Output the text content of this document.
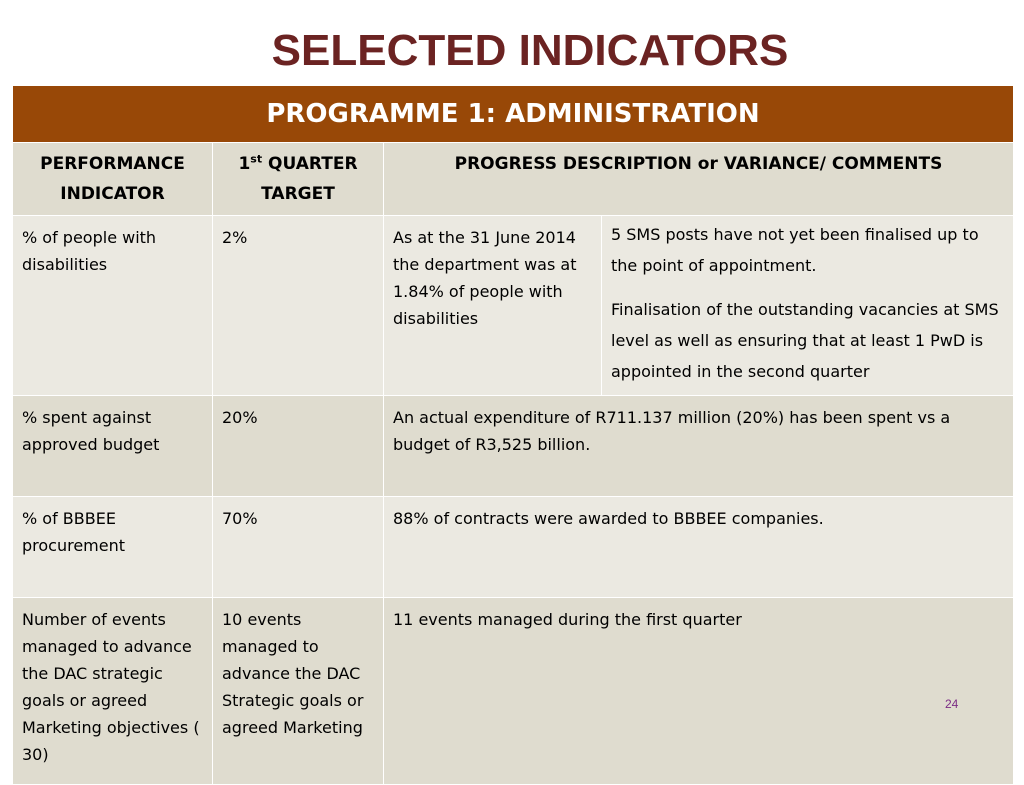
SELECTED INDICATORS
PROGRAMME 1: ADMINISTRATION			
PERFORMANCE INDICATOR	1st QUARTER TARGET	PROGRESS DESCRIPTION or VARIANCE/ COMMENTS	
% of people with disabilities	2%	As at the 31 June 2014 the department was at 1.84% of people with disabilities	5 SMS posts have not yet been finalised up to the point of appointment.
Finalisation of the outstanding vacancies at SMS level as well as ensuring that at least 1 PwD is appointed in the second quarter

% spent against approved budget	20%	An actual expenditure of R711.137 million (20%) has been spent vs a budget of R3,525 billion.	
% of BBBEE procurement	70%	88% of contracts were awarded to BBBEE companies.	
Number of events managed to advance the DAC strategic goals or agreed Marketing objectives ( 30)	10 events managed to advance the DAC Strategic goals or agreed Marketing	11 events managed during the first quarter	
24
